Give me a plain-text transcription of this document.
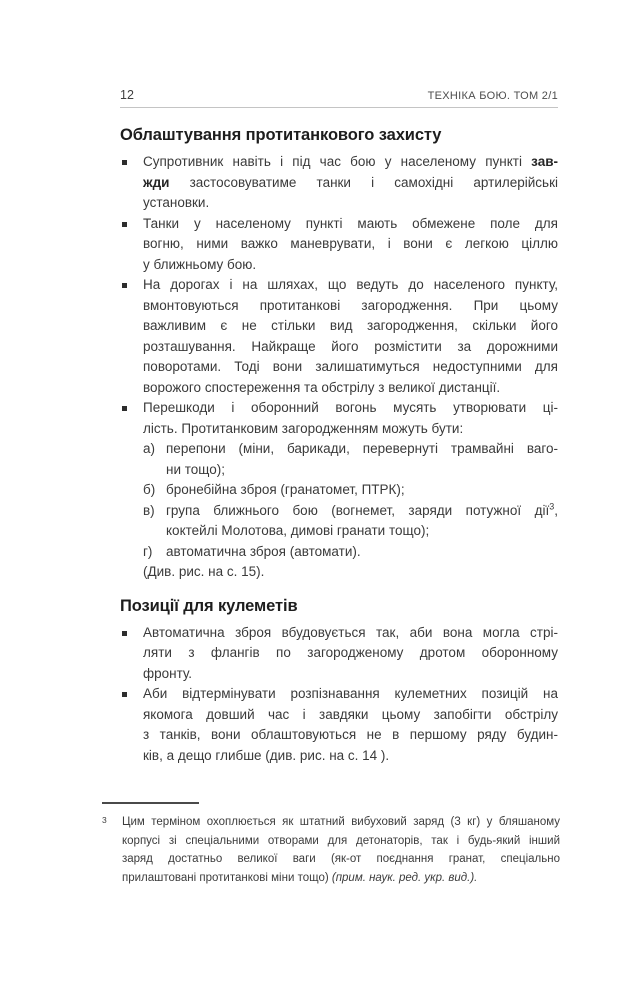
12	ТЕХНІКА БОЮ. ТОМ 2/1
Облаштування протитанкового захисту
Супротивник навіть і під час бою у населеному пункті зав-
жди застосовуватиме танки і самохідні артилерійські
установки.
Танки у населеному пункті мають обмежене поле для
вогню, ними важко маневрувати, і вони є легкою ціллю
у ближньому бою.
На дорогах і на шляхах, що ведуть до населеного пункту,
вмонтовуються протитанкові загородження. При цьому
важливим є не стільки вид загородження, скільки його
розташування. Найкраще його розмістити за дорожними
поворотами. Тоді вони залишатимуться недоступними для
ворожого спостереження та обстрілу з великої дистанції.
Перешкоди і оборонний вогонь мусять утворювати ці-
лість. Протитанковим загородженням можуть бути:
а) перепони (міни, барикади, перевернуті трамвайні ваго-
ни тощо);
б) бронебійна зброя (гранатомет, ПТРК);
в) група ближнього бою (вогнемет, заряди потужної дії$^3$,
коктейлі Молотова, димові гранати тощо);
г) автоматична зброя (автомати).
(Див. рис. на с. 15).
Позиції для кулеметів
Автоматична зброя вбудовується так, аби вона могла стрі-
ляти з флангів по загородженому дротом оборонному
фронту.
Аби відтермінувати розпізнавання кулеметних позицій на
якомога довший час і завдяки цьому запобігти обстрілу
з танків, вони облаштовуються не в першому ряду будин-
ків, а дещо глибше (див. рис. на с. 14 ).
3 Цим терміном охоплюється як штатний вибуховий заряд (3 кг) у бляшаному
корпусі зі спеціальними отворами для детонаторів, так і будь-який інший
заряд достатньо великої ваги (як-от поєднання гранат, спеціально
прилаштовані протитанкові міни тощо) (прим. наук. ред. укр. вид.).
